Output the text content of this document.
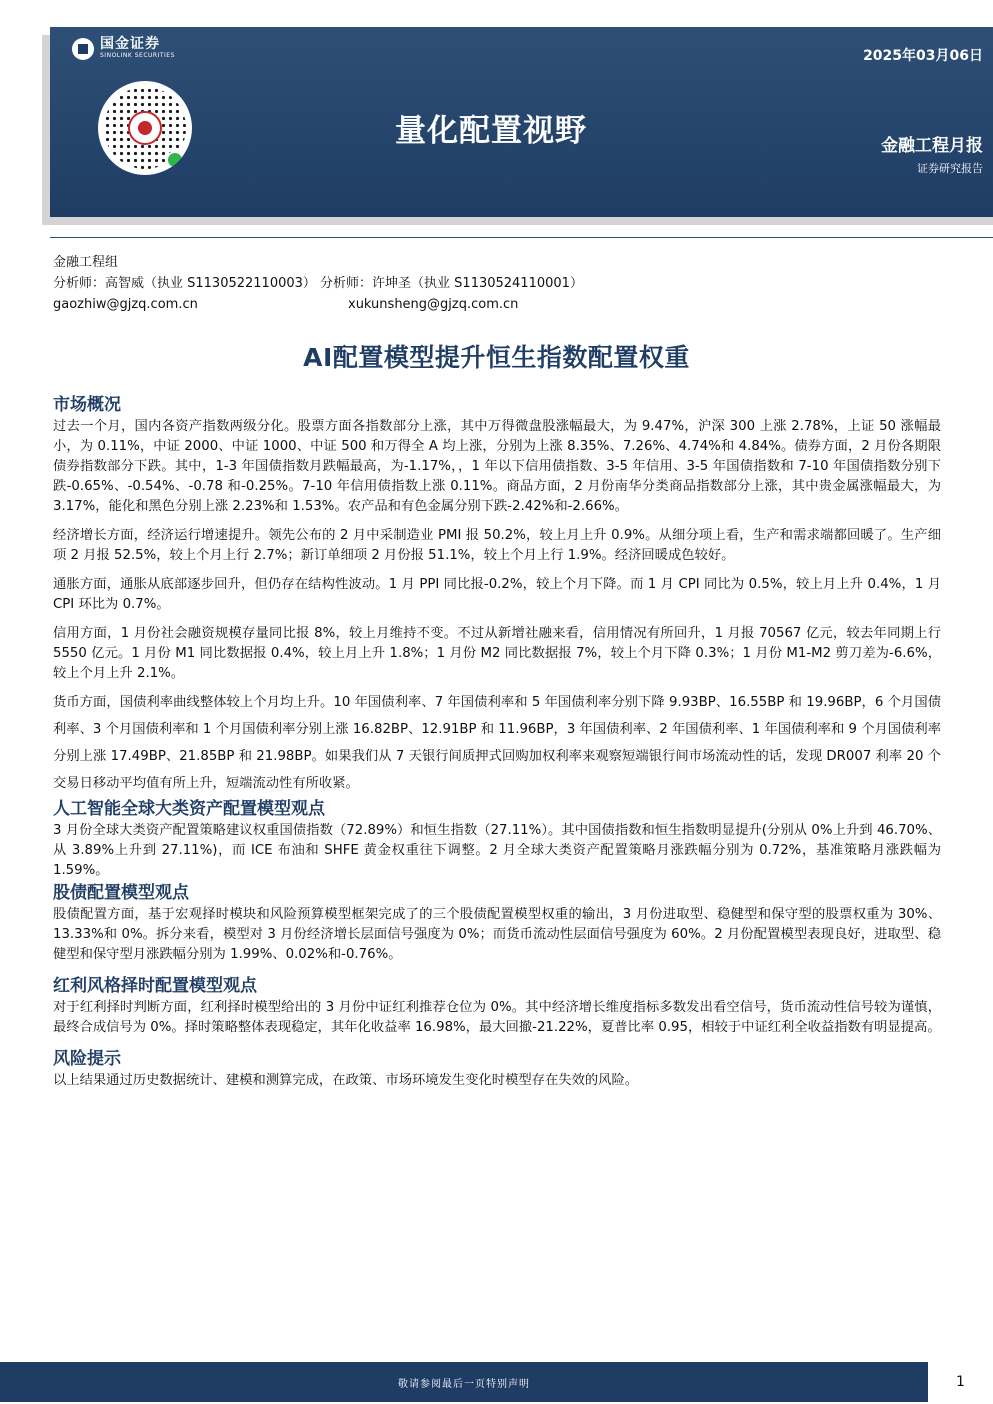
国金证券
SINOLINK SECURITIES	2025年03月06日
量化配置视野	金融工程月报
证券研究报告
金融工程组
分析师：高智威（执业 S1130522110003） 分析师：许坤圣（执业 S1130524110001）
gaozhiw@gjzq.com.cn	xukunsheng@gjzq.com.cn
AI配置模型提升恒生指数配置权重
市场概况

过去一个月，国内各资产指数两级分化。股票方面各指数部分上涨，其中万得微盘股涨幅最大，为 9.47%，沪深 300 上涨 2.78%，上证 50 涨幅最小，为 0.11%，中证 2000、中证 1000、中证 500 和万得全 A 均上涨，分别为上涨 8.35%、7.26%、4.74%和 4.84%。债券方面，2 月份各期限债券指数部分下跌。其中，1-3 年国债指数月跌幅最高，为-1.17%，，1 年以下信用债指数、3-5 年信用、3-5 年国债指数和 7-10 年国债指数分别下跌-0.65%、-0.54%、-0.78 和-0.25%。7-10 年信用债指数上涨 0.11%。商品方面，2 月份南华分类商品指数部分上涨，其中贵金属涨幅最大，为 3.17%，能化和黑色分别上涨 2.23%和 1.53%。农产品和有色金属分别下跌-2.42%和-2.66%。

经济增长方面，经济运行增速提升。领先公布的 2 月中采制造业 PMI 报 50.2%，较上月上升 0.9%。从细分项上看，生产和需求端都回暖了。生产细项 2 月报 52.5%，较上个月上行 2.7%；新订单细项 2 月份报 51.1%，较上个月上行 1.9%。经济回暖成色较好。

通胀方面，通胀从底部逐步回升，但仍存在结构性波动。1 月 PPI 同比报-0.2%，较上个月下降。而 1 月 CPI 同比为 0.5%，较上月上升 0.4%，1 月 CPI 环比为 0.7%。

信用方面，1 月份社会融资规模存量同比报 8%，较上月维持不变。不过从新增社融来看，信用情况有所回升，1 月报 70567 亿元，较去年同期上行 5550 亿元。1 月份 M1 同比数据报 0.4%，较上月上升 1.8%；1 月份 M2 同比数据报 7%，较上个月下降 0.3%；1 月份 M1-M2 剪刀差为-6.6%，较上个月上升 2.1%。

货币方面，国债利率曲线整体较上个月均上升。10 年国债利率、7 年国债利率和 5 年国债利率分别下降 9.93BP、16.55BP 和 19.96BP，6 个月国债利率、3 个月国债利率和 1 个月国债利率分别上涨 16.82BP、12.91BP 和 11.96BP，3 年国债利率、2 年国债利率、1 年国债利率和 9 个月国债利率分别上涨 17.49BP、21.85BP 和 21.98BP。如果我们从 7 天银行间质押式回购加权利率来观察短端银行间市场流动性的话，发现 DR007 利率 20 个交易日移动平均值有所上升，短端流动性有所收紧。

人工智能全球大类资产配置模型观点

3 月份全球大类资产配置策略建议权重国债指数（72.89%）和恒生指数（27.11%）。其中国债指数和恒生指数明显提升(分别从 0%上升到 46.70%、从 3.89%上升到 27.11%)，而 ICE 布油和 SHFE 黄金权重往下调整。2 月全球大类资产配置策略月涨跌幅分别为 0.72%，基准策略月涨跌幅为 1.59%。

股债配置模型观点

股债配置方面，基于宏观择时模块和风险预算模型框架完成了的三个股债配置模型权重的输出，3 月份进取型、稳健型和保守型的股票权重为 30%、13.33%和 0%。拆分来看，模型对 3 月份经济增长层面信号强度为 0%；而货币流动性层面信号强度为 60%。2 月份配置模型表现良好，进取型、稳健型和保守型月涨跌幅分别为 1.99%、0.02%和-0.76%。

红利风格择时配置模型观点

对于红利择时判断方面，红利择时模型给出的 3 月份中证红利推荐仓位为 0%。其中经济增长维度指标多数发出看空信号，货币流动性信号较为谨慎，最终合成信号为 0%。择时策略整体表现稳定，其年化收益率 16.98%，最大回撤-21.22%，夏普比率 0.95，相较于中证红利全收益指数有明显提高。

风险提示

以上结果通过历史数据统计、建模和测算完成，在政策、市场环境发生变化时模型存在失效的风险。

敬请参阅最后一页特别声明	1
